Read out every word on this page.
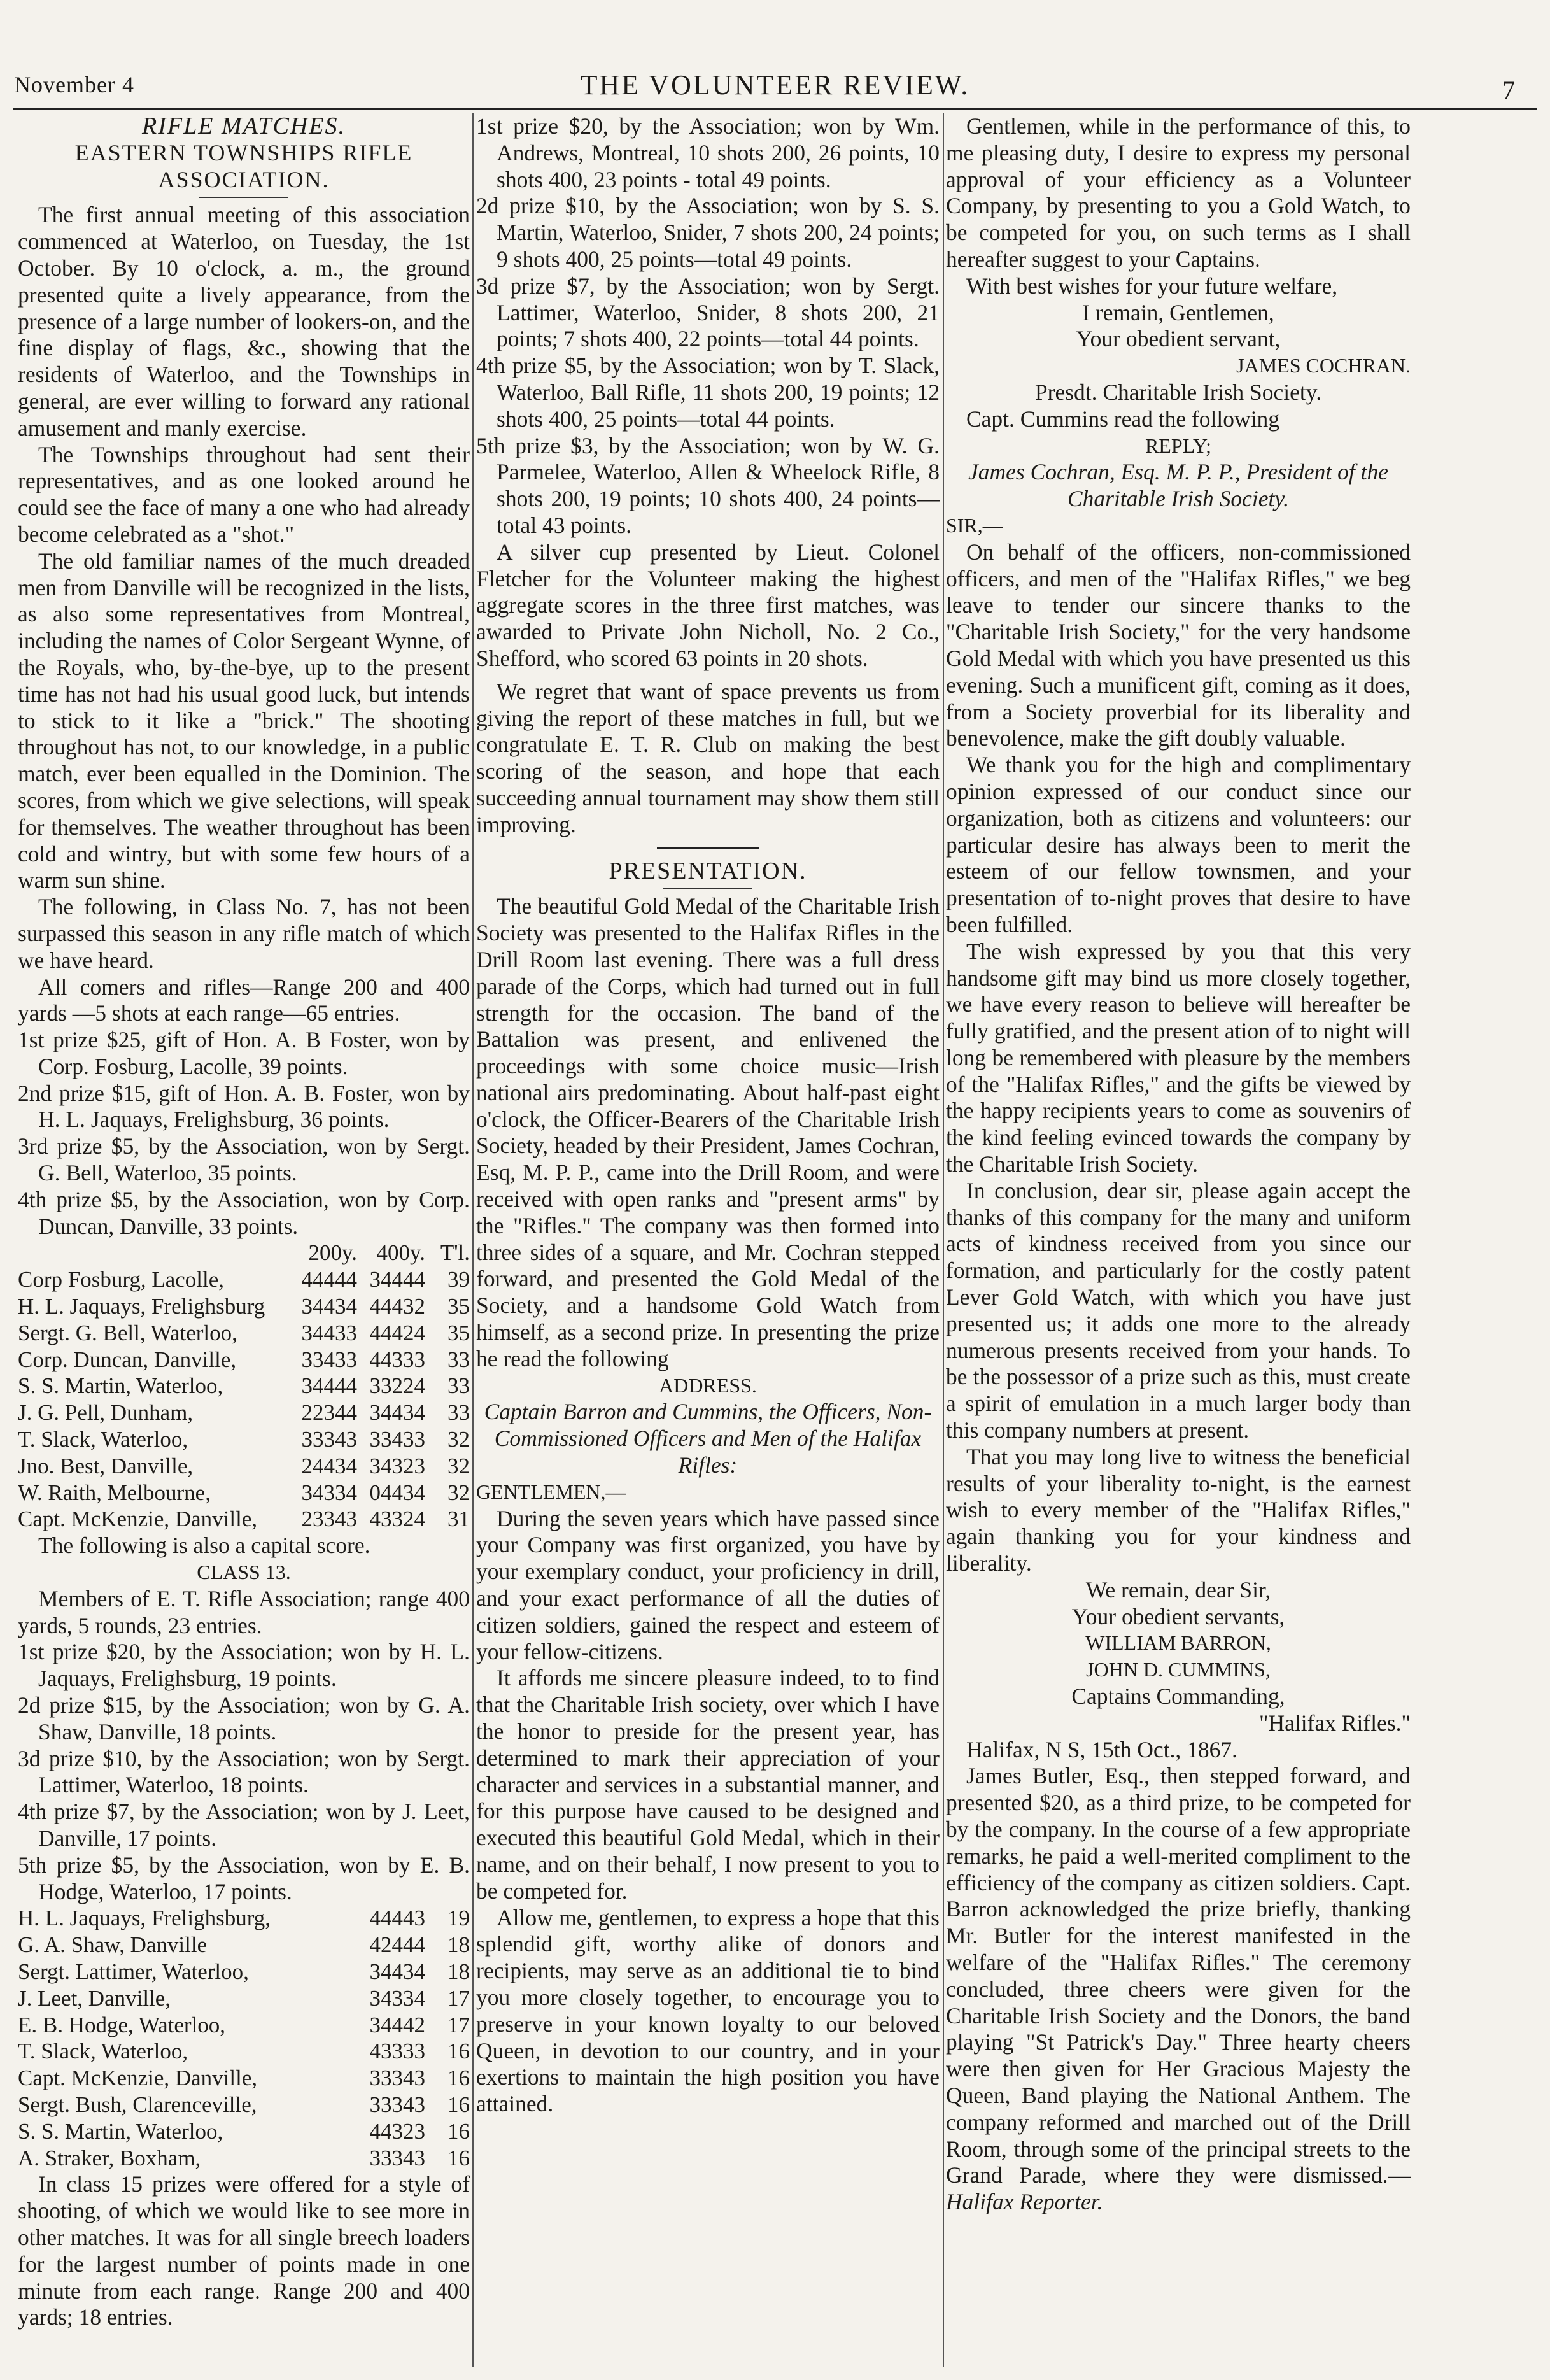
November 4	THE VOLUNTEER REVIEW.	7
RIFLE MATCHES.
EASTERN TOWNSHIPS RIFLE ASSOCIATION.

The first annual meeting of this association commenced at Waterloo, on Tuesday, the 1st October. By 10 o'clock, a. m., the ground presented quite a lively appearance, from the presence of a large number of lookers-on, and the fine display of flags, &c., showing that the residents of Waterloo, and the Townships in general, are ever willing to forward any rational amusement and manly exercise.

The Townships throughout had sent their representatives, and as one looked around he could see the face of many a one who had already become celebrated as a "shot."

The old familiar names of the much dreaded men from Danville will be recognized in the lists, as also some representatives from Montreal, including the names of Color Sergeant Wynne, of the Royals, who, by-the-bye, up to the present time has not had his usual good luck, but intends to stick to it like a "brick." The shooting throughout has not, to our knowledge, in a public match, ever been equalled in the Dominion. The scores, from which we give selections, will speak for themselves. The weather throughout has been cold and wintry, but with some few hours of a warm sun shine.

The following, in Class No. 7, has not been surpassed this season in any rifle match of which we have heard.

All comers and rifles—Range 200 and 400 yards —5 shots at each range—65 entries.

1st prize $25, gift of Hon. A. B Foster, won by Corp. Fosburg, Lacolle, 39 points.

2nd prize $15, gift of Hon. A. B. Foster, won by H. L. Jaquays, Frelighsburg, 36 points.

3rd prize $5, by the Association, won by Sergt. G. Bell, Waterloo, 35 points.

4th prize $5, by the Association, won by Corp. Duncan, Danville, 33 points.

	200y.	400y.	T'l.
Corp Fosburg, Lacolle,	44444	34444	39
H. L. Jaquays, Frelighsburg	34434	44432	35
Sergt. G. Bell, Waterloo,	34433	44424	35
Corp. Duncan, Danville,	33433	44333	33
S. S. Martin, Waterloo,	34444	33224	33
J. G. Pell, Dunham,	22344	34434	33
T. Slack, Waterloo,	33343	33433	32
Jno. Best, Danville,	24434	34323	32
W. Raith, Melbourne,	34334	04434	32
Capt. McKenzie, Danville,	23343	43324	31

The following is also a capital score.

CLASS 13.

Members of E. T. Rifle Association; range 400 yards, 5 rounds, 23 entries.

1st prize $20, by the Association; won by H. L. Jaquays, Frelighsburg, 19 points.

2d prize $15, by the Association; won by G. A. Shaw, Danville, 18 points.

3d prize $10, by the Association; won by Sergt. Lattimer, Waterloo, 18 points.

4th prize $7, by the Association; won by J. Leet, Danville, 17 points.

5th prize $5, by the Association, won by E. B. Hodge, Waterloo, 17 points.

H. L. Jaquays, Frelighsburg,	44443	19
G. A. Shaw, Danville	42444	18
Sergt. Lattimer, Waterloo,	34434	18
J. Leet, Danville,	34334	17
E. B. Hodge, Waterloo,	34442	17
T. Slack, Waterloo,	43333	16
Capt. McKenzie, Danville,	33343	16
Sergt. Bush, Clarenceville,	33343	16
S. S. Martin, Waterloo,	44323	16
A. Straker, Boxham,	33343	16

In class 15 prizes were offered for a style of shooting, of which we would like to see more in other matches. It was for all single breech loaders for the largest number of points made in one minute from each range. Range 200 and 400 yards; 18 entries.

1st prize $20, by the Association; won by Wm. Andrews, Montreal, 10 shots 200, 26 points, 10 shots 400, 23 points - total 49 points.

2d prize $10, by the Association; won by S. S. Martin, Waterloo, Snider, 7 shots 200, 24 points; 9 shots 400, 25 points—total 49 points.

3d prize $7, by the Association; won by Sergt. Lattimer, Waterloo, Snider, 8 shots 200, 21 points; 7 shots 400, 22 points—total 44 points.

4th prize $5, by the Association; won by T. Slack, Waterloo, Ball Rifle, 11 shots 200, 19 points; 12 shots 400, 25 points—total 44 points.

5th prize $3, by the Association; won by W. G. Parmelee, Waterloo, Allen & Wheelock Rifle, 8 shots 200, 19 points; 10 shots 400, 24 points—total 43 points.

A silver cup presented by Lieut. Colonel Fletcher for the Volunteer making the highest aggregate scores in the three first matches, was awarded to Private John Nicholl, No. 2 Co., Shefford, who scored 63 points in 20 shots.

We regret that want of space prevents us from giving the report of these matches in full, but we congratulate E. T. R. Club on making the best scoring of the season, and hope that each succeeding annual tournament may show them still improving.

PRESENTATION.

The beautiful Gold Medal of the Charitable Irish Society was presented to the Halifax Rifles in the Drill Room last evening. There was a full dress parade of the Corps, which had turned out in full strength for the occasion. The band of the Battalion was present, and enlivened the proceedings with some choice music—Irish national airs predominating. About half-past eight o'clock, the Officer-Bearers of the Charitable Irish Society, headed by their President, James Cochran, Esq, M. P. P., came into the Drill Room, and were received with open ranks and "present arms" by the "Rifles." The company was then formed into three sides of a square, and Mr. Cochran stepped forward, and presented the Gold Medal of the Society, and a handsome Gold Watch from himself, as a second prize. In presenting the prize he read the following

ADDRESS.

Captain Barron and Cummins, the Officers, Non-Commissioned Officers and Men of the Halifax Rifles:

GENTLEMEN,—

During the seven years which have passed since your Company was first organized, you have by your exemplary conduct, your proficiency in drill, and your exact performance of all the duties of citizen soldiers, gained the respect and esteem of your fellow-citizens.

It affords me sincere pleasure indeed, to to find that the Charitable Irish society, over which I have the honor to preside for the present year, has determined to mark their appreciation of your character and services in a substantial manner, and for this purpose have caused to be designed and executed this beautiful Gold Medal, which in their name, and on their behalf, I now present to you to be competed for.

Allow me, gentlemen, to express a hope that this splendid gift, worthy alike of donors and recipients, may serve as an additional tie to bind you more closely together, to encourage you to preserve in your known loyalty to our beloved Queen, in devotion to our country, and in your exertions to maintain the high position you have attained.

Gentlemen, while in the performance of this, to me pleasing duty, I desire to express my personal approval of your efficiency as a Volunteer Company, by presenting to you a Gold Watch, to be competed for you, on such terms as I shall hereafter suggest to your Captains.

With best wishes for your future welfare,

I remain, Gentlemen,

Your obedient servant,

JAMES COCHRAN.

Presdt. Charitable Irish Society.

Capt. Cummins read the following

REPLY;

James Cochran, Esq. M. P. P., President of the Charitable Irish Society.

SIR,—

On behalf of the officers, non-commissioned officers, and men of the "Halifax Rifles," we beg leave to tender our sincere thanks to the "Charitable Irish Society," for the very handsome Gold Medal with which you have presented us this evening. Such a munificent gift, coming as it does, from a Society proverbial for its liberality and benevolence, make the gift doubly valuable.

We thank you for the high and complimentary opinion expressed of our conduct since our organization, both as citizens and volunteers: our particular desire has always been to merit the esteem of our fellow townsmen, and your presentation of to-night proves that desire to have been fulfilled.

The wish expressed by you that this very handsome gift may bind us more closely together, we have every reason to believe will hereafter be fully gratified, and the present ation of to night will long be remembered with pleasure by the members of the "Halifax Rifles," and the gifts be viewed by the happy recipients years to come as souvenirs of the kind feeling evinced towards the company by the Charitable Irish Society.

In conclusion, dear sir, please again accept the thanks of this company for the many and uniform acts of kindness received from you since our formation, and particularly for the costly patent Lever Gold Watch, with which you have just presented us; it adds one more to the already numerous presents received from your hands. To be the possessor of a prize such as this, must create a spirit of emulation in a much larger body than this company numbers at present.

That you may long live to witness the beneficial results of your liberality to-night, is the earnest wish to every member of the "Halifax Rifles," again thanking you for your kindness and liberality.

We remain, dear Sir,

Your obedient servants,

WILLIAM BARRON,

JOHN D. CUMMINS,

Captains Commanding,

"Halifax Rifles."

Halifax, N S, 15th Oct., 1867.

James Butler, Esq., then stepped forward, and presented $20, as a third prize, to be competed for by the company. In the course of a few appropriate remarks, he paid a well-merited compliment to the efficiency of the company as citizen soldiers. Capt. Barron acknowledged the prize briefly, thanking Mr. Butler for the interest manifested in the welfare of the "Halifax Rifles." The ceremony concluded, three cheers were given for the Charitable Irish Society and the Donors, the band playing "St Patrick's Day." Three hearty cheers were then given for Her Gracious Majesty the Queen, Band playing the National Anthem. The company reformed and marched out of the Drill Room, through some of the principal streets to the Grand Parade, where they were dismissed.—Halifax Reporter.
